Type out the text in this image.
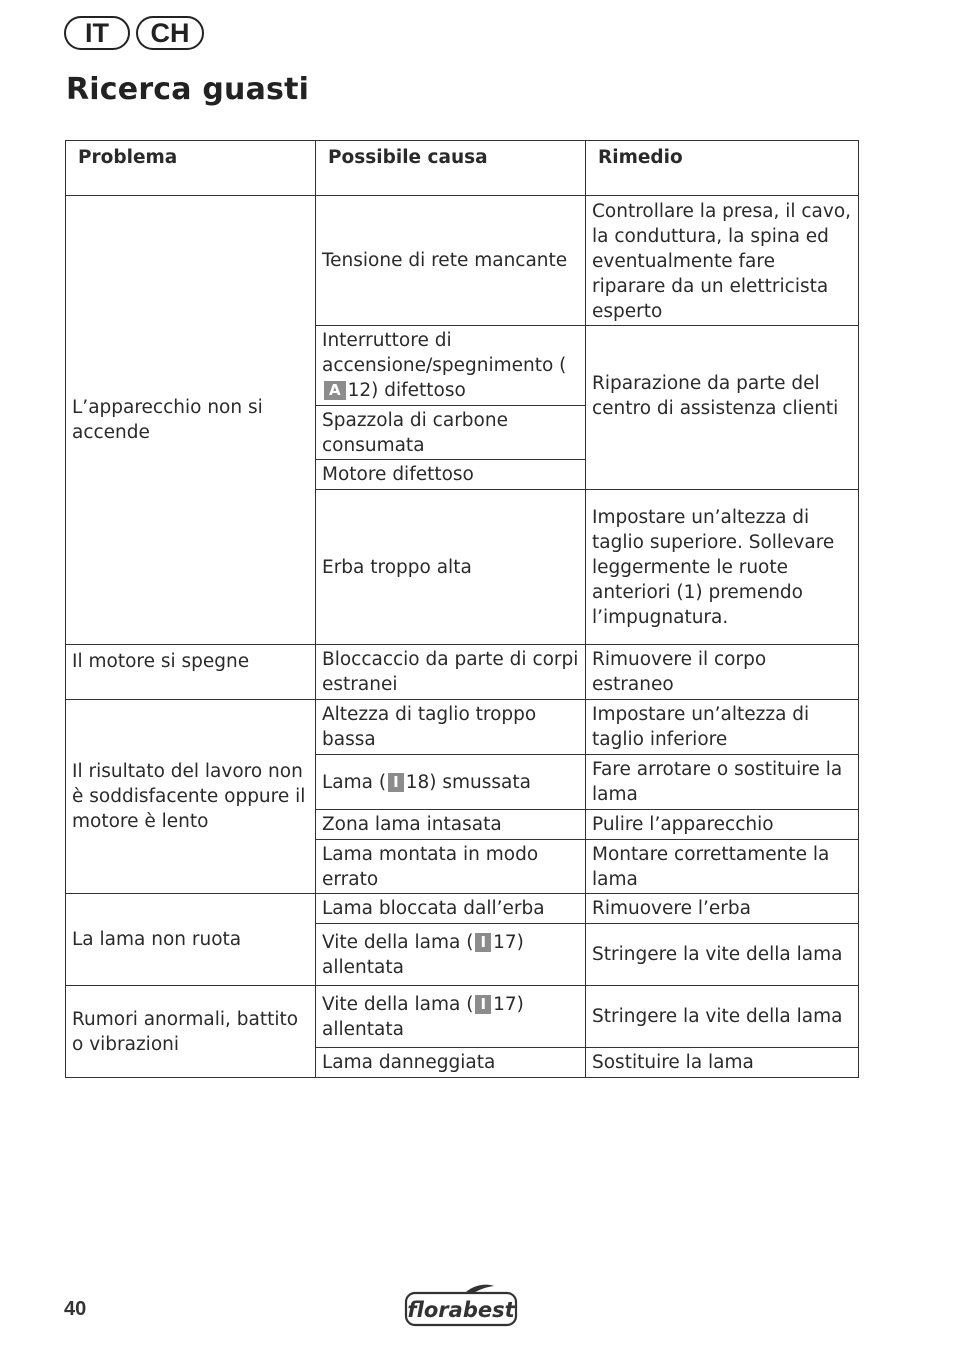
IT	CH
Ricerca guasti
Problema	Possibile causa	Rimedio
L’apparecchio non si accende	Tensione di rete mancante	Controllare la presa, il cavo, la conduttura, la spina ed eventualmente fare riparare da un elettricista esperto
	Interruttore di accensione/spegnimento (A 12) difettoso	Riparazione da parte del centro di assistenza clienti
	Spazzola di carbone consumata	
	Motore difettoso	
	Erba troppo alta	Impostare un’altezza di taglio superiore. Sollevare leggermente le ruote anteriori (1) premendo l’impugnatura.
Il motore si spegne	Bloccaccio da parte di corpi estranei	Rimuovere il corpo estraneo
Il risultato del lavoro non è soddisfacente oppure il motore è lento	Altezza di taglio troppo bassa	Impostare un’altezza di taglio inferiore
	Lama ( I 18) smussata	Fare arrotare o sostituire la lama
	Zona lama intasata	Pulire l’apparecchio
	Lama montata in modo errato	Montare correttamente la lama
La lama non ruota	Lama bloccata dall’erba	Rimuovere l’erba
	Vite della lama ( I 17) allentata	Stringere la vite della lama
Rumori anormali, battito o vibrazioni	Vite della lama ( I 17) allentata	Stringere la vite della lama
	Lama danneggiata	Sostituire la lama
40	florabest
